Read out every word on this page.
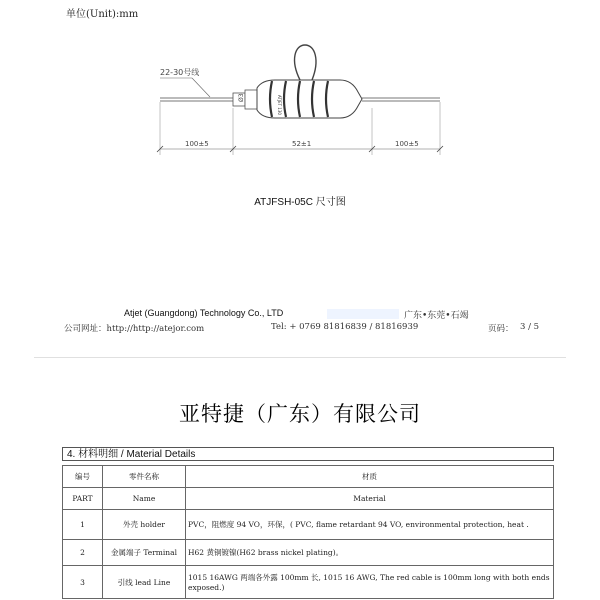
单位(Unit):mm
22-30号线
Ø3	ATJET 130
100±5	52±1	100±5
ATJFSH-05C 尺寸图
Atjet (Guangdong) Technology Co., LTD	广东•东莞•石竭
公司网址：http://http://atejor.com	Tel: + 0769 81816839 / 81816939	页码： 3 / 5
亚特捷（广东）有限公司
4. 材料明细 / Material Details
编号	零件名称	材质
PART	Name	Material
1	外壳 holder	PVC，阻燃度 94 VO，环保，( PVC, flame retardant 94 VO, environmental protection, heat .
2	金属端子 Terminal	H62 黄铜镀镍(H62 brass nickel plating)。
3	引线 lead Line	1015 16AWG 两端各外露 100mm 长, 1015 16 AWG, The red cable is 100mm long with both ends exposed.)
